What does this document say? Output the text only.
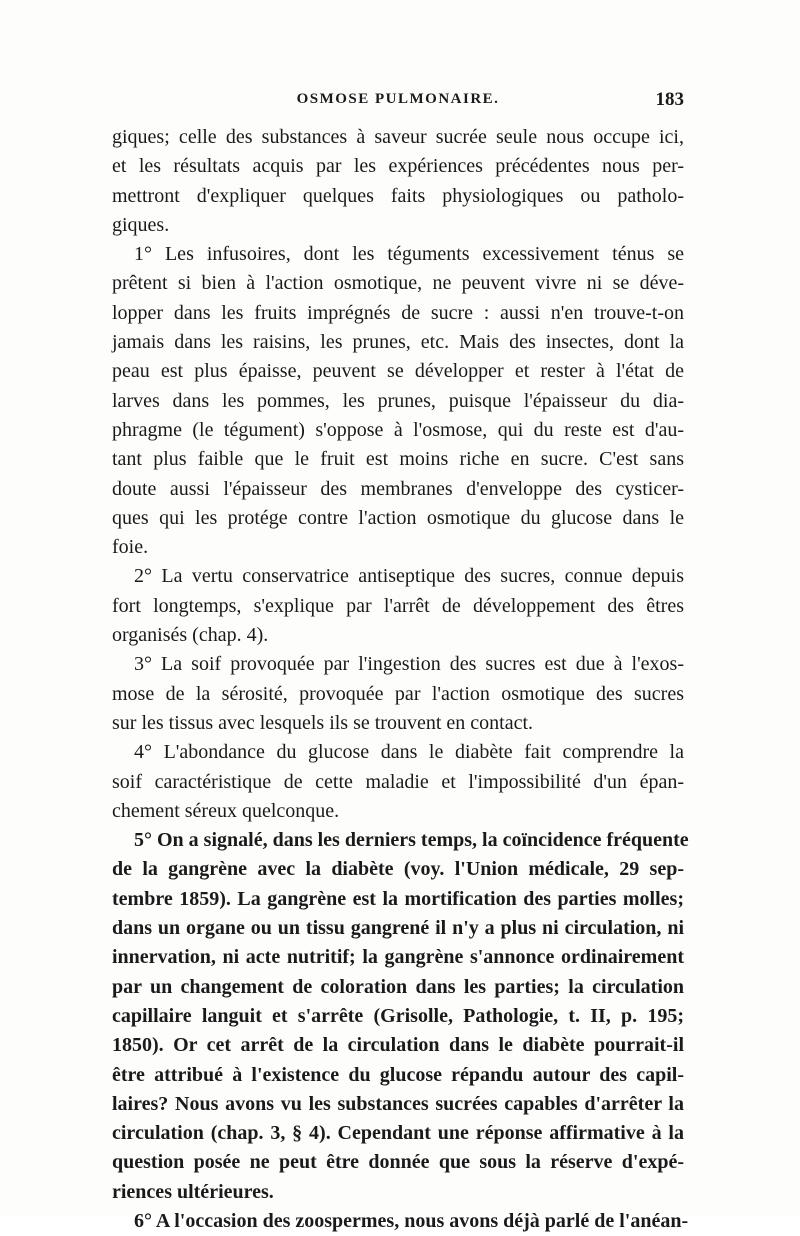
OSMOSE PULMONAIRE.	183
giques; celle des substances à saveur sucrée seule nous occupe ici,
et les résultats acquis par les expériences précédentes nous per-
mettront d'expliquer quelques faits physiologiques ou patholo-
giques.
1° Les infusoires, dont les téguments excessivement ténus se
prêtent si bien à l'action osmotique, ne peuvent vivre ni se déve-
lopper dans les fruits imprégnés de sucre : aussi n'en trouve-t-on
jamais dans les raisins, les prunes, etc. Mais des insectes, dont la
peau est plus épaisse, peuvent se développer et rester à l'état de
larves dans les pommes, les prunes, puisque l'épaisseur du dia-
phragme (le tégument) s'oppose à l'osmose, qui du reste est d'au-
tant plus faible que le fruit est moins riche en sucre. C'est sans
doute aussi l'épaisseur des membranes d'enveloppe des cysticer-
ques qui les protége contre l'action osmotique du glucose dans le
foie.
2° La vertu conservatrice antiseptique des sucres, connue depuis
fort longtemps, s'explique par l'arrêt de développement des êtres
organisés (chap. 4).
3° La soif provoquée par l'ingestion des sucres est due à l'exos-
mose de la sérosité, provoquée par l'action osmotique des sucres
sur les tissus avec lesquels ils se trouvent en contact.
4° L'abondance du glucose dans le diabète fait comprendre la
soif caractéristique de cette maladie et l'impossibilité d'un épan-
chement séreux quelconque.
5° On a signalé, dans les derniers temps, la coïncidence fréquente
de la gangrène avec la diabète (voy. l'Union médicale, 29 sep-
tembre 1859). La gangrène est la mortification des parties molles;
dans un organe ou un tissu gangrené il n'y a plus ni circulation, ni
innervation, ni acte nutritif; la gangrène s'annonce ordinairement
par un changement de coloration dans les parties; la circulation
capillaire languit et s'arrête (Grisolle, Pathologie, t. II, p. 195;
1850). Or cet arrêt de la circulation dans le diabète pourrait-il
être attribué à l'existence du glucose répandu autour des capil-
laires? Nous avons vu les substances sucrées capables d'arrêter la
circulation (chap. 3, § 4). Cependant une réponse affirmative à la
question posée ne peut être donnée que sous la réserve d'expé-
riences ultérieures.
6° A l'occasion des zoospermes, nous avons déjà parlé de l'anéan-
